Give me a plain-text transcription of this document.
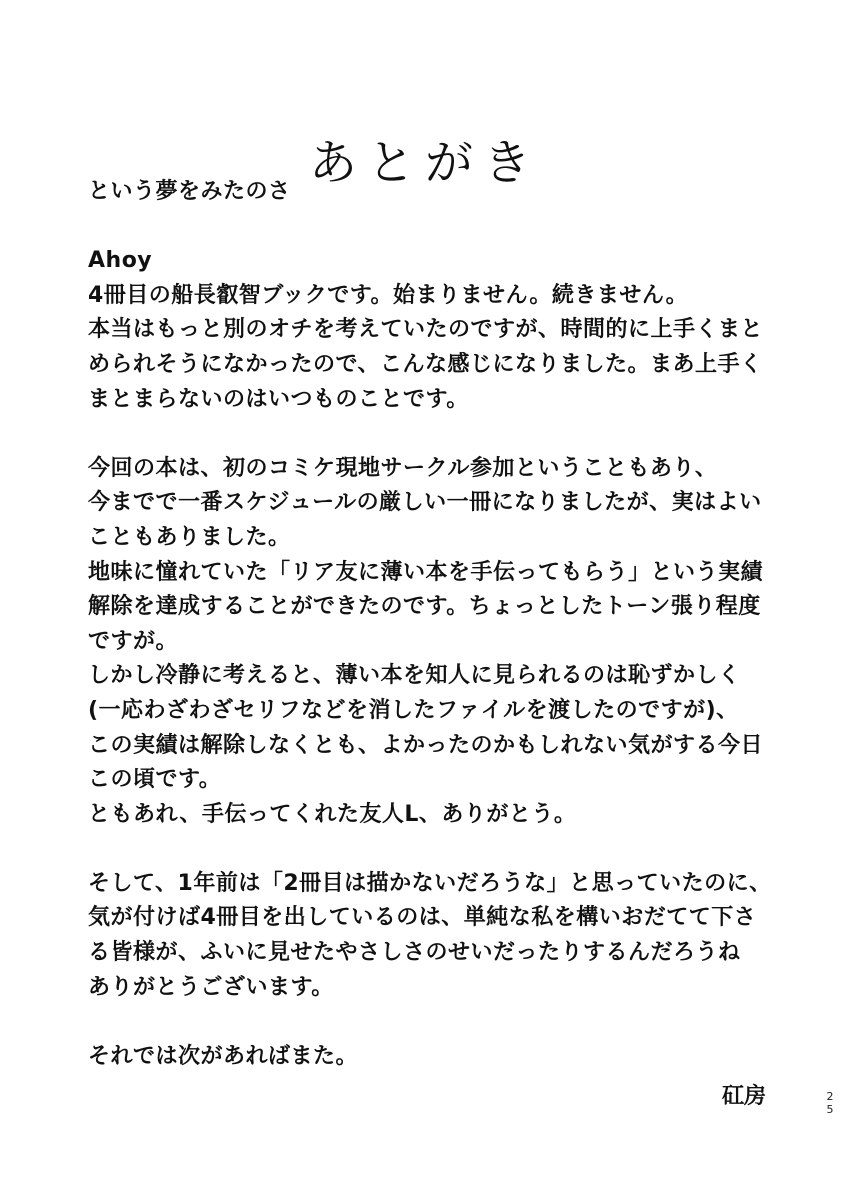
あとがき
という夢をみたのさ
Ahoy
4冊目の船長叡智ブックです。始まりません。続きません。
本当はもっと別のオチを考えていたのですが、時間的に上手くまと
められそうになかったので、こんな感じになりました。まあ上手く
まとまらないのはいつものことです。
今回の本は、初のコミケ現地サークル参加ということもあり、
今までで一番スケジュールの厳しい一冊になりましたが、実はよい
こともありました。
地味に憧れていた「リア友に薄い本を手伝ってもらう」という実績
解除を達成することができたのです。ちょっとしたトーン張り程度
ですが。
しかし冷静に考えると、薄い本を知人に見られるのは恥ずかしく
(一応わざわざセリフなどを消したファイルを渡したのですが)、
この実績は解除しなくとも、よかったのかもしれない気がする今日
この頃です。
ともあれ、手伝ってくれた友人L、ありがとう。
そして、1年前は「2冊目は描かないだろうな」と思っていたのに、
気が付けば4冊目を出しているのは、単純な私を構いおだてて下さ
る皆様が、ふいに見せたやさしさのせいだったりするんだろうね
ありがとうございます。
それでは次があればまた。
矼房	2
5
